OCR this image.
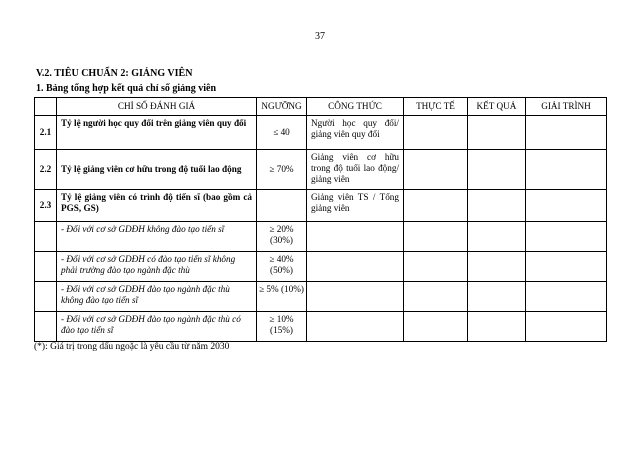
37
V.2. TIÊU CHUẨN 2: GIẢNG VIÊN
1. Bảng tổng hợp kết quả chỉ số giảng viên
	CHỈ SỐ ĐÁNH GIÁ	NGƯỠNG	CÔNG THỨC	THỰC TẾ	KẾT QUẢ	GIẢI TRÌNH
2.1	Tỷ lệ người học quy đổi trên giảng viên quy đổi	≤ 40	Người học quy đổi/ giảng viên quy đổi			
2.2	Tỷ lệ giảng viên cơ hữu trong độ tuổi lao động	≥ 70%	Giảng viên cơ hữu trong độ tuổi lao động/ giảng viên			
2.3	Tỷ lệ giảng viên có trình độ tiến sĩ (bao gồm cả PGS, GS)		Giảng viên TS / Tổng giảng viên			
	- Đối với cơ sở GDĐH không đào tạo tiến sĩ	≥ 20% (30%)				
	- Đối với cơ sở GDĐH có đào tạo tiến sĩ không phải trường đào tạo ngành đặc thù	≥ 40% (50%)				
	- Đối với cơ sở GDĐH đào tạo ngành đặc thù không đào tạo tiến sĩ	≥ 5% (10%)				
	- Đối với cơ sở GDĐH đào tạo ngành đặc thù có đào tạo tiến sĩ	≥ 10% (15%)				
(*): Giá trị trong dấu ngoặc là yêu cầu từ năm 2030
